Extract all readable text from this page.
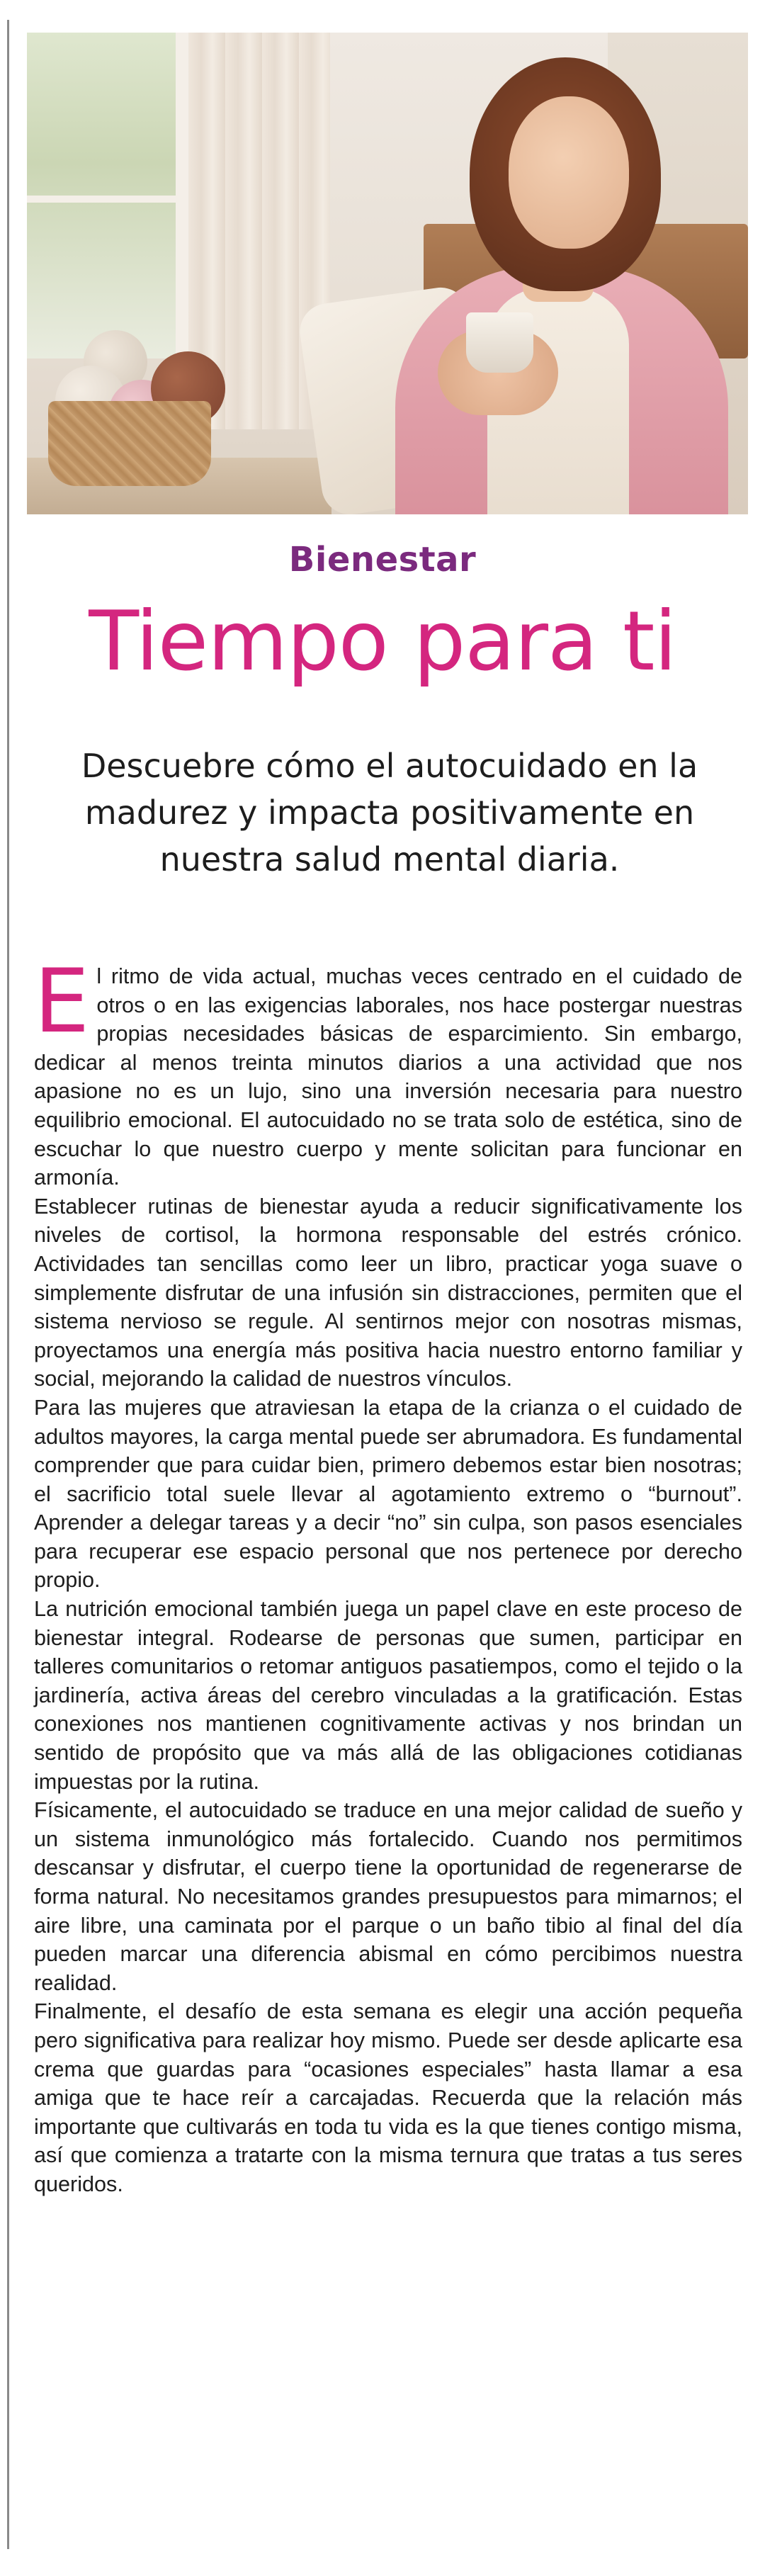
Bienestar
Tiempo para ti
Descuebre cómo el autocuidado en la madurez y impacta positivamente en nuestra salud mental diaria.

El ritmo de vida actual, muchas veces centrado en el cuidado de otros o en las exigencias laborales, nos hace postergar nuestras propias necesidades básicas de esparcimiento. Sin embargo, dedicar al menos treinta minutos diarios a una actividad que nos apasione no es un lujo, sino una inversión necesaria para nuestro equilibrio emocional. El autocuidado no se trata solo de estética, sino de escuchar lo que nuestro cuerpo y mente solicitan para funcionar en armonía.

Establecer rutinas de bienestar ayuda a reducir significativamente los niveles de cortisol, la hormona responsable del estrés crónico. Actividades tan sencillas como leer un libro, practicar yoga suave o simplemente disfrutar de una infusión sin distracciones, permiten que el sistema nervioso se regule. Al sentirnos mejor con nosotras mismas, proyectamos una energía más positiva hacia nuestro entorno familiar y social, mejorando la calidad de nuestros vínculos.

Para las mujeres que atraviesan la etapa de la crianza o el cuidado de adultos mayores, la carga mental puede ser abrumadora. Es fundamental comprender que para cuidar bien, primero debemos estar bien nosotras; el sacrificio total suele llevar al agotamiento extremo o “burnout”. Aprender a delegar tareas y a decir “no” sin culpa, son pasos esenciales para recuperar ese espacio personal que nos pertenece por derecho propio.

La nutrición emocional también juega un papel clave en este proceso de bienestar integral. Rodearse de personas que sumen, participar en talleres comunitarios o retomar antiguos pasatiempos, como el tejido o la jardinería, activa áreas del cerebro vinculadas a la gratificación. Estas conexiones nos mantienen cognitivamente activas y nos brindan un sentido de propósito que va más allá de las obligaciones cotidianas impuestas por la rutina.

Físicamente, el autocuidado se traduce en una mejor calidad de sueño y un sistema inmunológico más fortalecido. Cuando nos permitimos descansar y disfrutar, el cuerpo tiene la oportunidad de regenerarse de forma natural. No necesitamos grandes presupuestos para mimarnos; el aire libre, una caminata por el parque o un baño tibio al final del día pueden marcar una diferencia abismal en cómo percibimos nuestra realidad.

Finalmente, el desafío de esta semana es elegir una acción pequeña pero significativa para realizar hoy mismo. Puede ser desde aplicarte esa crema que guardas para “ocasiones especiales” hasta llamar a esa amiga que te hace reír a carcajadas. Recuerda que la relación más importante que cultivarás en toda tu vida es la que tienes contigo misma, así que comienza a tratarte con la misma ternura que tratas a tus seres queridos.
